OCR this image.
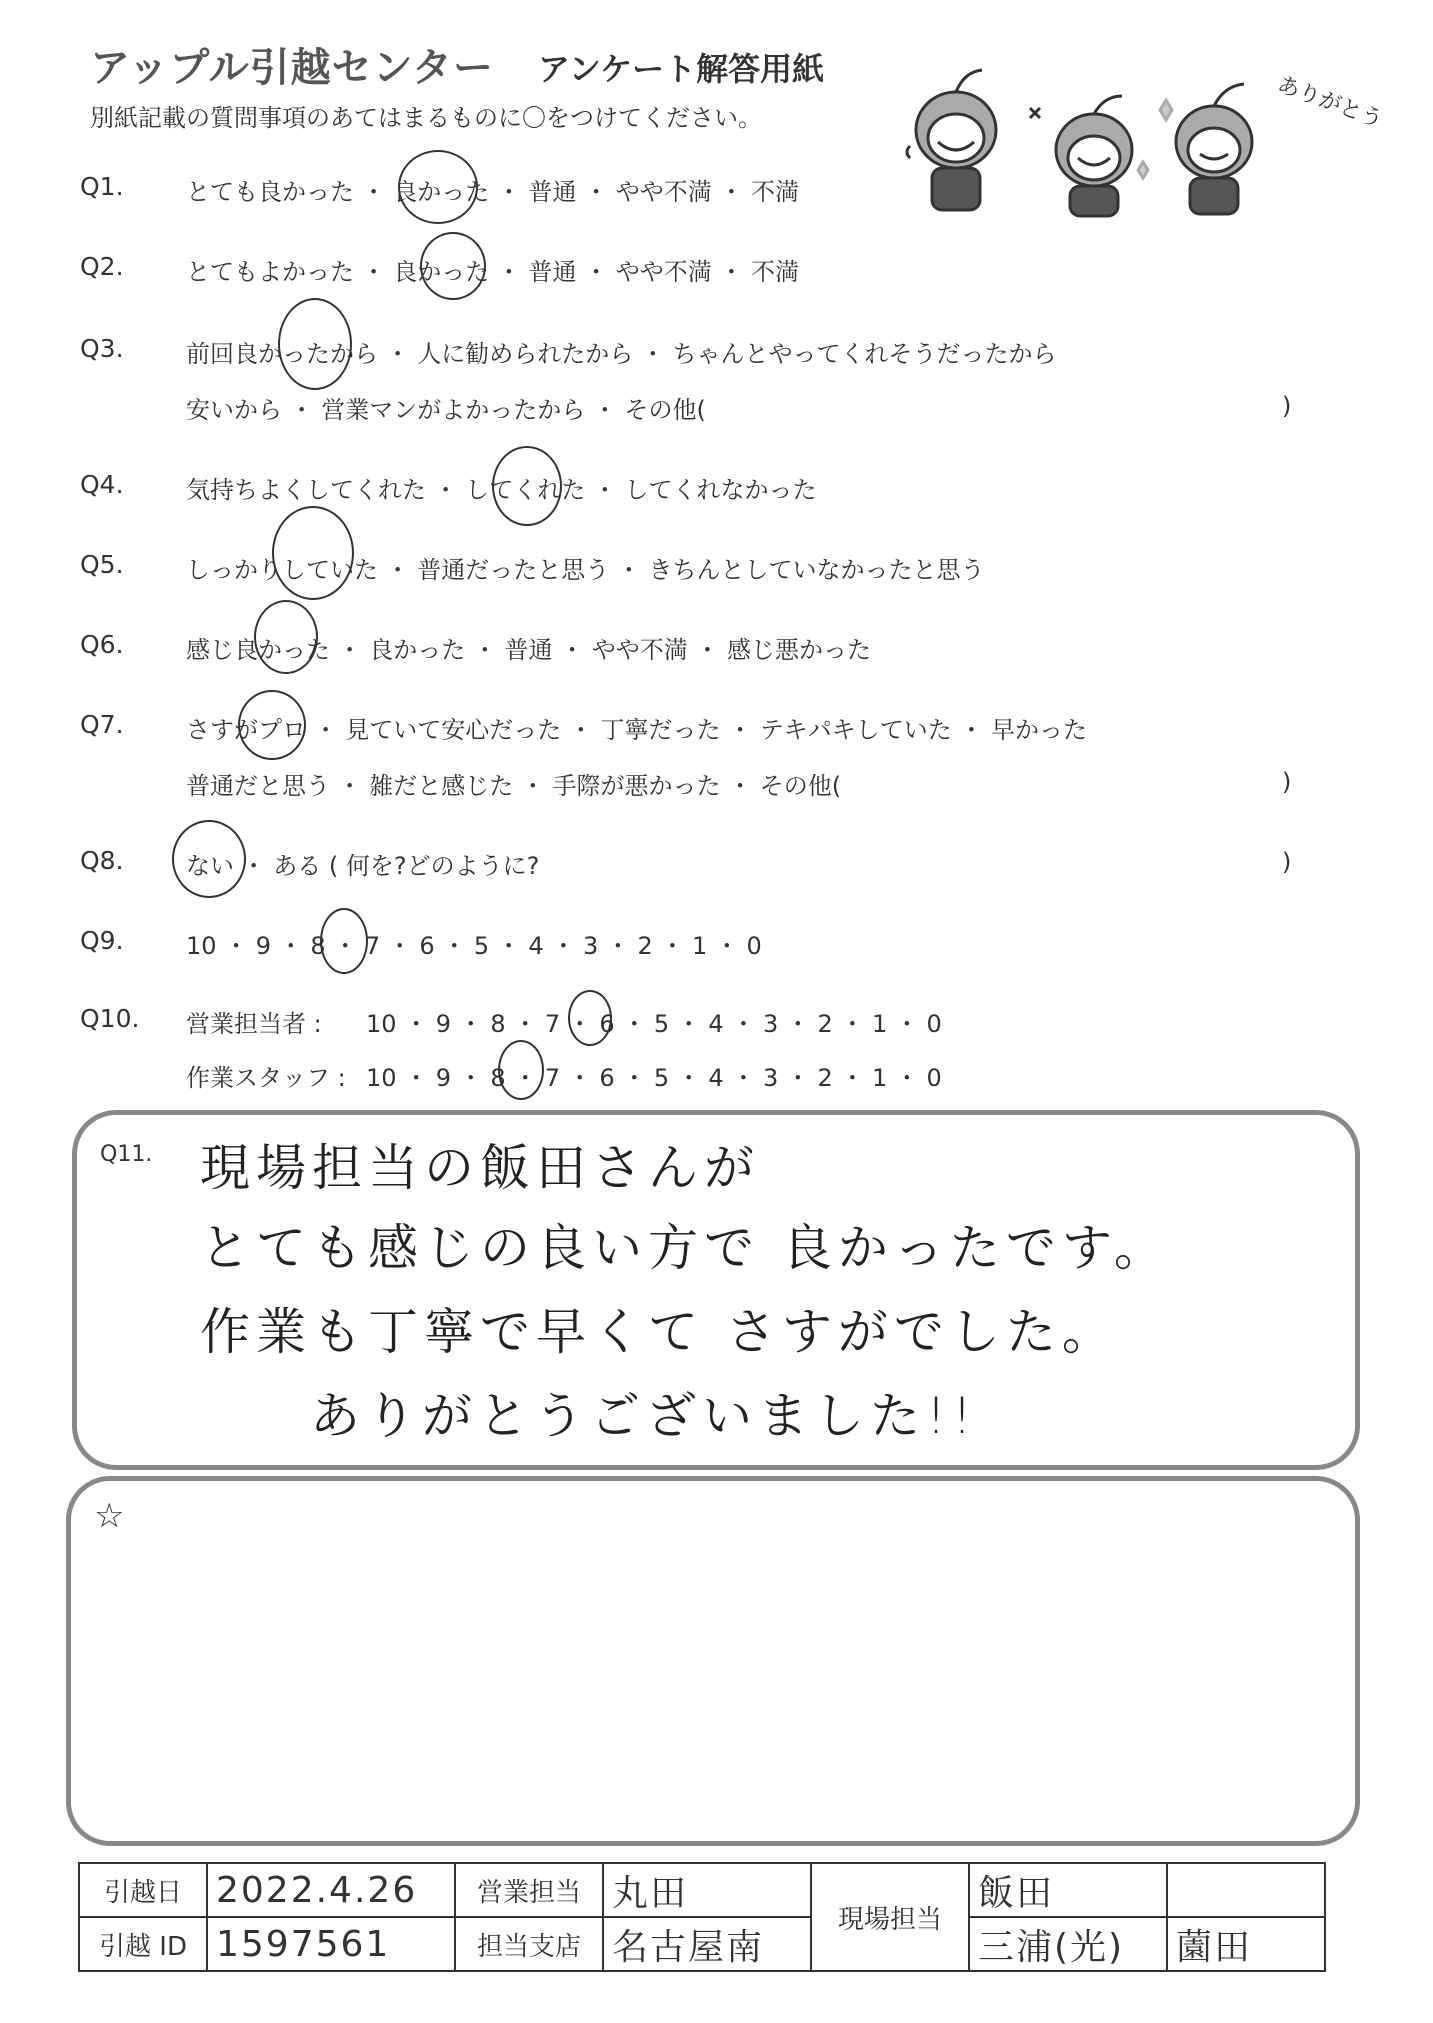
アップル引越センター アンケート解答用紙
別紙記載の質問事項のあてはまるものに〇をつけてください。	ありがとう
Q1.	とても良かった ・ 良かった ・ 普通 ・ やや不満 ・ 不満
Q2.	とてもよかった ・ 良かった ・ 普通 ・ やや不満 ・ 不満
Q3.	前回良かったから ・ 人に勧められたから ・ ちゃんとやってくれそうだったから
安いから ・ 営業マンがよかったから ・ その他(	)
Q4.	気持ちよくしてくれた ・ してくれた ・ してくれなかった
Q5.	しっかりしていた ・ 普通だったと思う ・ きちんとしていなかったと思う
Q6.	感じ良かった ・ 良かった ・ 普通 ・ やや不満 ・ 感じ悪かった
Q7.	さすがプロ ・ 見ていて安心だった ・ 丁寧だった ・ テキパキしていた ・ 早かった
普通だと思う ・ 雑だと感じた ・ 手際が悪かった ・ その他(	)
Q8.	ない ・ ある ( 何を?どのように?	)
Q9.	10 ・ 9 ・ 8 ・ 7 ・ 6 ・ 5 ・ 4 ・ 3 ・ 2 ・ 1 ・ 0
Q10. 営業担当者 : 10 ・ 9 ・ 8 ・ 7 ・ 6 ・ 5 ・ 4 ・ 3 ・ 2 ・ 1 ・ 0
作業スタッフ : 10 ・ 9 ・ 8 ・ 7 ・ 6 ・ 5 ・ 4 ・ 3 ・ 2 ・ 1 ・ 0
Q11. 現場担当の飯田さんが
とても感じの良い方で 良かったです。
作業も丁寧で早くて さすがでした。
ありがとうございました!!
☆
引越日	2022.4.26	営業担当	丸田	現場担当	飯田	
引越 ID	1597561	担当支店	名古屋南		三浦(光)	薗田
